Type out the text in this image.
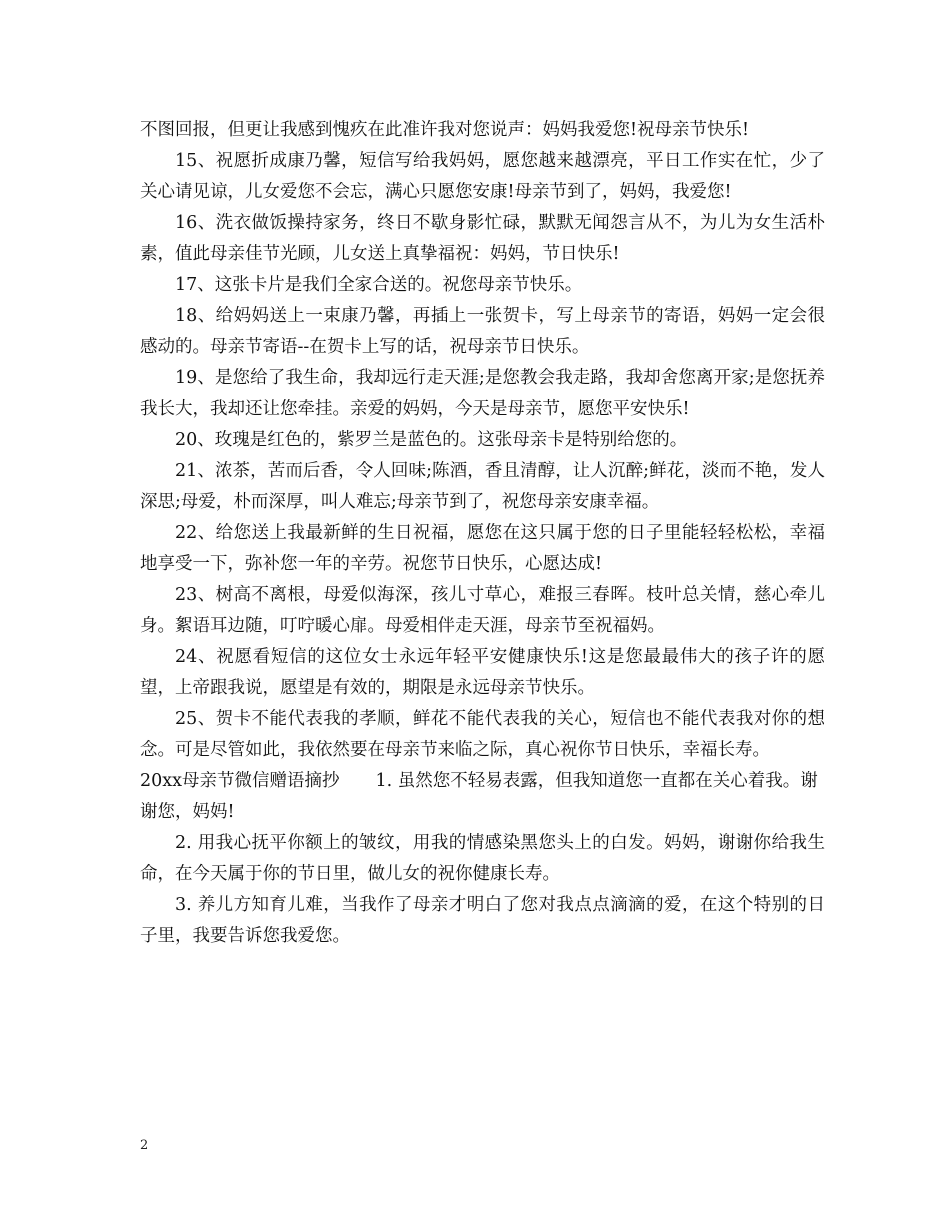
不图回报，但更让我感到愧疚在此准许我对您说声：妈妈我爱您!祝母亲节快乐!

15、祝愿折成康乃馨，短信写给我妈妈，愿您越来越漂亮，平日工作实在忙，少了关心请见谅，儿女爱您不会忘，满心只愿您安康!母亲节到了，妈妈，我爱您!

16、洗衣做饭操持家务，终日不歇身影忙碌，默默无闻怨言从不，为儿为女生活朴素，值此母亲佳节光顾，儿女送上真挚福祝：妈妈，节日快乐!

17、这张卡片是我们全家合送的。祝您母亲节快乐。

18、给妈妈送上一束康乃馨，再插上一张贺卡，写上母亲节的寄语，妈妈一定会很感动的。母亲节寄语--在贺卡上写的话，祝母亲节日快乐。

19、是您给了我生命，我却远行走天涯;是您教会我走路，我却舍您离开家;是您抚养我长大，我却还让您牵挂。亲爱的妈妈，今天是母亲节，愿您平安快乐!

20、玫瑰是红色的，紫罗兰是蓝色的。这张母亲卡是特别给您的。

21、浓茶，苦而后香，令人回味;陈酒，香且清醇，让人沉醉;鲜花，淡而不艳，发人深思;母爱，朴而深厚，叫人难忘;母亲节到了，祝您母亲安康幸福。

22、给您送上我最新鲜的生日祝福，愿您在这只属于您的日子里能轻轻松松，幸福地享受一下，弥补您一年的辛劳。祝您节日快乐，心愿达成!

23、树高不离根，母爱似海深，孩儿寸草心，难报三春晖。枝叶总关情，慈心牵儿身。絮语耳边随，叮咛暖心扉。母爱相伴走天涯，母亲节至祝福妈。

24、祝愿看短信的这位女士永远年轻平安健康快乐!这是您最最伟大的孩子许的愿望，上帝跟我说，愿望是有效的，期限是永远母亲节快乐。

25、贺卡不能代表我的孝顺，鲜花不能代表我的关心，短信也不能代表我对你的想念。可是尽管如此，我依然要在母亲节来临之际，真心祝你节日快乐，幸福长寿。

20xx母亲节微信赠语摘抄 1. 虽然您不轻易表露，但我知道您一直都在关心着我。谢谢您，妈妈!

2. 用我心抚平你额上的皱纹，用我的情感染黑您头上的白发。妈妈，谢谢你给我生命，在今天属于你的节日里，做儿女的祝你健康长寿。

3. 养儿方知育儿难，当我作了母亲才明白了您对我点点滴滴的爱，在这个特别的日子里，我要告诉您我爱您。

2
